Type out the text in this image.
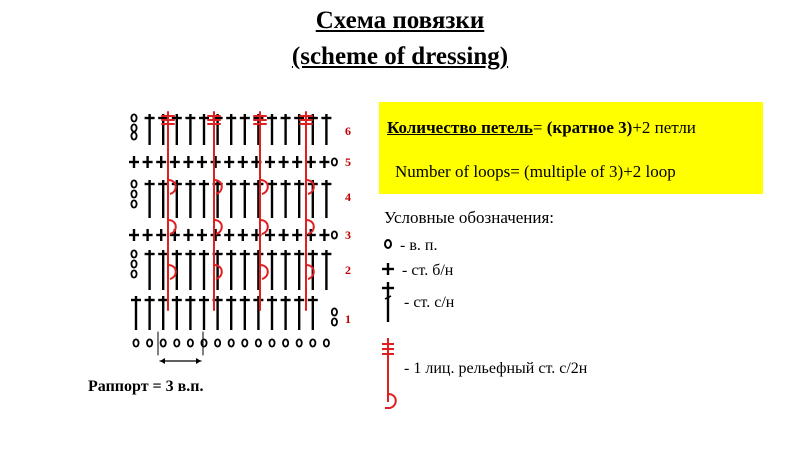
Схема повязки
(scheme of dressing)
6
5
4
3
2
1
Раппорт = 3 в.п.
Количество петель= (кратное 3)+2 петли
Number of loops= (multiple of 3)+2 loop
Условные обозначения:
- в. п.
- ст. б/н
- ст. с/н
- 1 лиц. рельефный ст. с/2н
